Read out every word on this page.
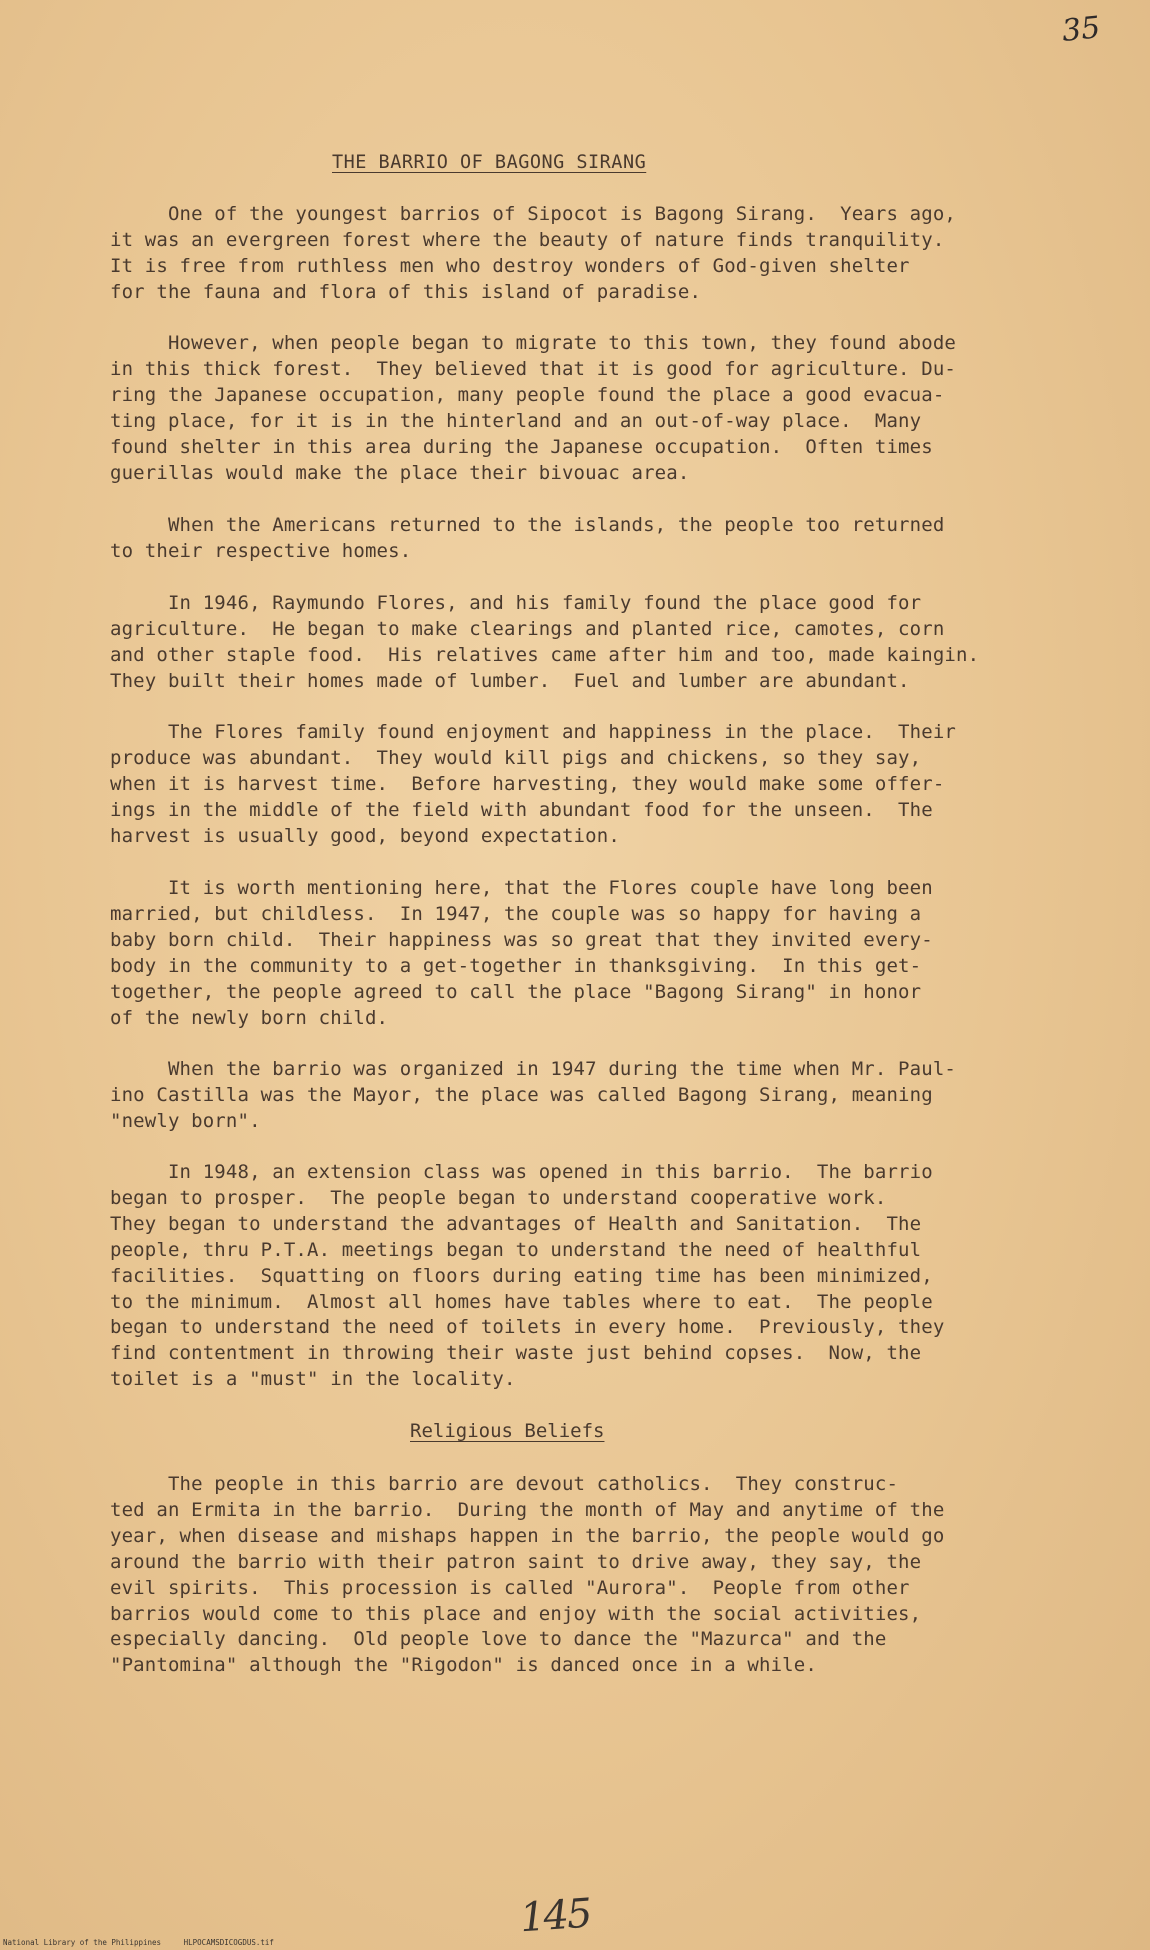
35
THE BARRIO OF BAGONG SIRANG
One of the youngest barrios of Sipocot is Bagong Sirang.  Years ago,
it was an evergreen forest where the beauty of nature finds tranquility.
It is free from ruthless men who destroy wonders of God-given shelter
for the fauna and flora of this island of paradise.
However, when people began to migrate to this town, they found abode
in this thick forest.  They believed that it is good for agriculture. Du-
ring the Japanese occupation, many people found the place a good evacua-
ting place, for it is in the hinterland and an out-of-way place.  Many
found shelter in this area during the Japanese occupation.  Often times
guerillas would make the place their bivouac area.
When the Americans returned to the islands, the people too returned
to their respective homes.
In 1946, Raymundo Flores, and his family found the place good for
agriculture.  He began to make clearings and planted rice, camotes, corn
and other staple food.  His relatives came after him and too, made kaingin.
They built their homes made of lumber.  Fuel and lumber are abundant.
The Flores family found enjoyment and happiness in the place.  Their
produce was abundant.  They would kill pigs and chickens, so they say,
when it is harvest time.  Before harvesting, they would make some offer-
ings in the middle of the field with abundant food for the unseen.  The
harvest is usually good, beyond expectation.
It is worth mentioning here, that the Flores couple have long been
married, but childless.  In 1947, the couple was so happy for having a
baby born child.  Their happiness was so great that they invited every-
body in the community to a get-together in thanksgiving.  In this get-
together, the people agreed to call the place "Bagong Sirang" in honor
of the newly born child.
When the barrio was organized in 1947 during the time when Mr. Paul-
ino Castilla was the Mayor, the place was called Bagong Sirang, meaning
"newly born".
In 1948, an extension class was opened in this barrio.  The barrio
began to prosper.  The people began to understand cooperative work.
They began to understand the advantages of Health and Sanitation.  The
people, thru P.T.A. meetings began to understand the need of healthful
facilities.  Squatting on floors during eating time has been minimized,
to the minimum.  Almost all homes have tables where to eat.  The people
began to understand the need of toilets in every home.  Previously, they
find contentment in throwing their waste just behind copses.  Now, the
toilet is a "must" in the locality.
Religious Beliefs
The people in this barrio are devout catholics.  They construc-
ted an Ermita in the barrio.  During the month of May and anytime of the
year, when disease and mishaps happen in the barrio, the people would go
around the barrio with their patron saint to drive away, they say, the
evil spirits.  This procession is called "Aurora".  People from other
barrios would come to this place and enjoy with the social activities,
especially dancing.  Old people love to dance the "Mazurca" and the
"Pantomina" although the "Rigodon" is danced once in a while.
145
National Library of the Philippines     HLPOCAMSDICOGDUS.tif
